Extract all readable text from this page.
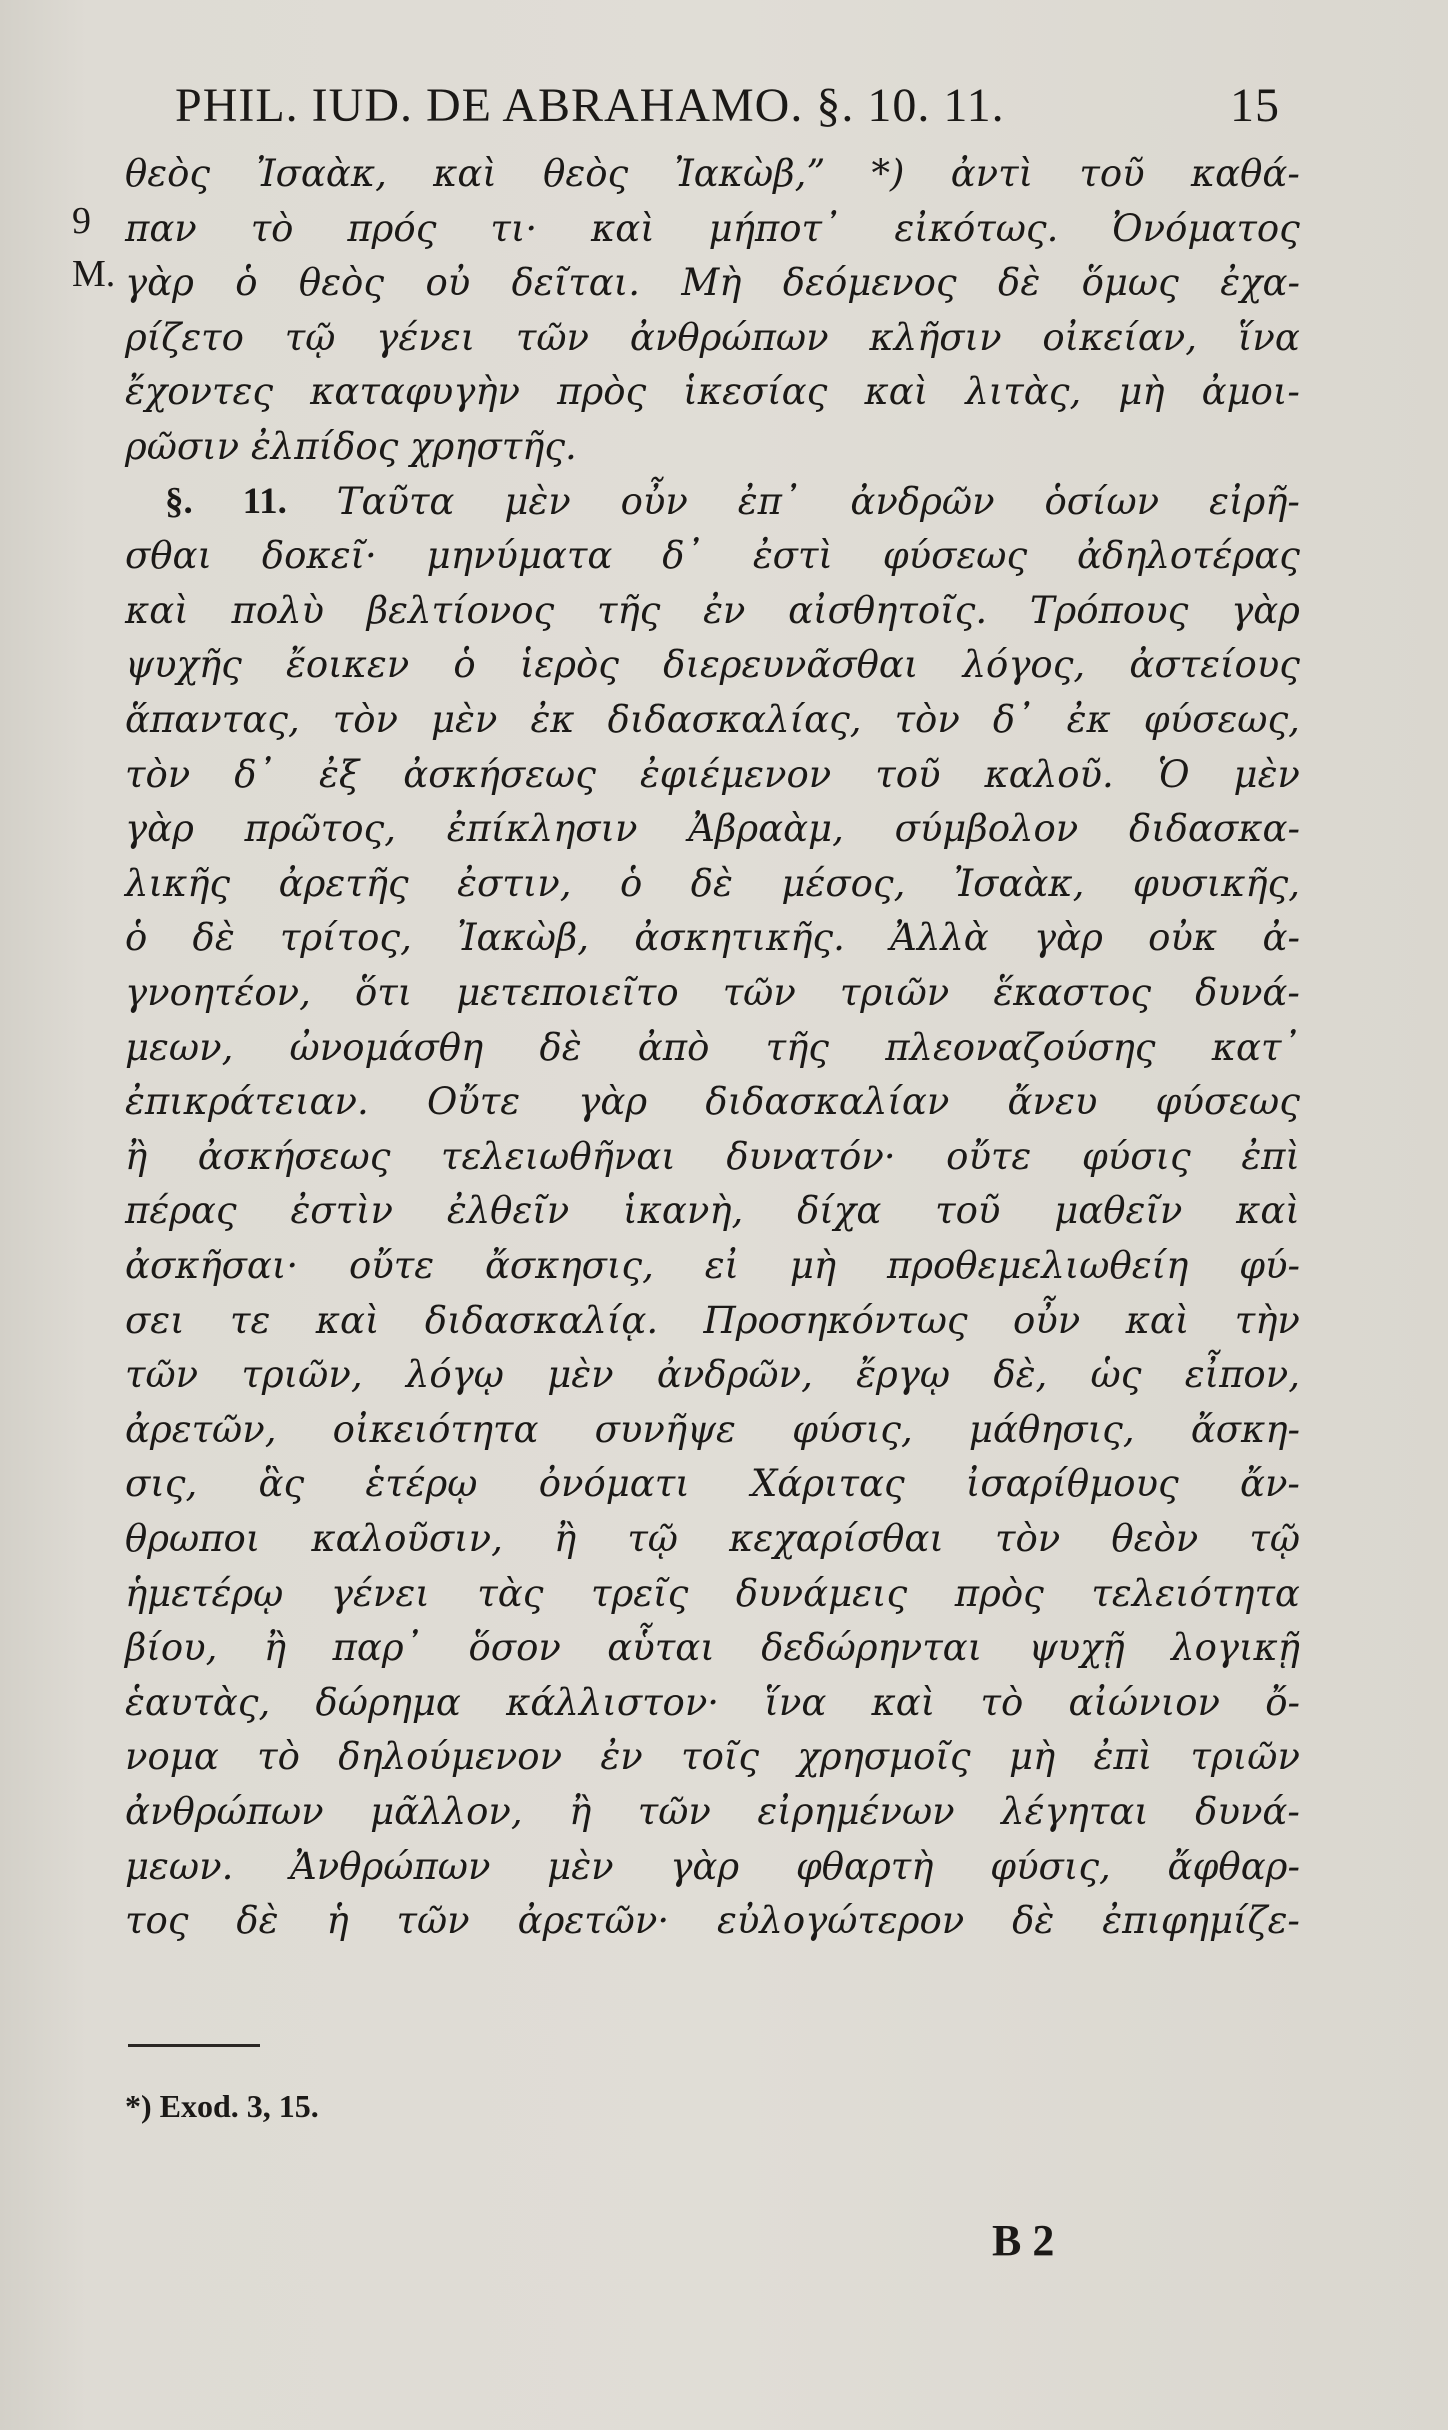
PHIL. IUD. DE ABRAHAMO. §. 10. 11.	15
9
M.
θεὸς Ἰσαὰκ, καὶ θεὸς Ἰακὼβ,” *) ἀντὶ τοῦ καθά-
παν τὸ πρός τι· καὶ μήποτ᾽ εἰκότως. Ὀνόματος
γὰρ ὁ θεὸς οὐ δεῖται. Μὴ δεόμενος δὲ ὅμως ἐχα-
ρίζετο τῷ γένει τῶν ἀνθρώπων κλῆσιν οἰκείαν, ἵνα
ἔχοντες καταφυγὴν πρὸς ἱκεσίας καὶ λιτὰς, μὴ ἀμοι-
ρῶσιν ἐλπίδος χρηστῆς.
§. 11. Ταῦτα μὲν οὖν ἐπ᾽ ἀνδρῶν ὁσίων εἰρῆ-
σθαι δοκεῖ· μηνύματα δ᾽ ἐστὶ φύσεως ἀδηλοτέρας
καὶ πολὺ βελτίονος τῆς ἐν αἰσθητοῖς. Τρόπους γὰρ
ψυχῆς ἔοικεν ὁ ἱερὸς διερευνᾶσθαι λόγος, ἀστείους
ἅπαντας, τὸν μὲν ἐκ διδασκαλίας, τὸν δ᾽ ἐκ φύσεως,
τὸν δ᾽ ἐξ ἀσκήσεως ἐφιέμενον τοῦ καλοῦ. Ὁ μὲν
γὰρ πρῶτος, ἐπίκλησιν Ἀβραὰμ, σύμβολον διδασκα-
λικῆς ἀρετῆς ἐστιν, ὁ δὲ μέσος, Ἰσαὰκ, φυσικῆς,
ὁ δὲ τρίτος, Ἰακὼβ, ἀσκητικῆς. Ἀλλὰ γὰρ οὐκ ἀ-
γνοητέον, ὅτι μετεποιεῖτο τῶν τριῶν ἕκαστος δυνά-
μεων, ὠνομάσθη δὲ ἀπὸ τῆς πλεοναζούσης κατ᾽
ἐπικράτειαν. Οὔτε γὰρ διδασκαλίαν ἄνευ φύσεως
ἢ ἀσκήσεως τελειωθῆναι δυνατόν· οὔτε φύσις ἐπὶ
πέρας ἐστὶν ἐλθεῖν ἱκανὴ, δίχα τοῦ μαθεῖν καὶ
ἀσκῆσαι· οὔτε ἄσκησις, εἰ μὴ προθεμελιωθείη φύ-
σει τε καὶ διδασκαλίᾳ. Προσηκόντως οὖν καὶ τὴν
τῶν τριῶν, λόγῳ μὲν ἀνδρῶν, ἔργῳ δὲ, ὡς εἶπον,
ἀρετῶν, οἰκειότητα συνῆψε φύσις, μάθησις, ἄσκη-
σις, ἃς ἑτέρῳ ὀνόματι Χάριτας ἰσαρίθμους ἄν-
θρωποι καλοῦσιν, ἢ τῷ κεχαρίσθαι τὸν θεὸν τῷ
ἡμετέρῳ γένει τὰς τρεῖς δυνάμεις πρὸς τελειότητα
βίου, ἢ παρ᾽ ὅσον αὗται δεδώρηνται ψυχῇ λογικῇ
ἑαυτὰς, δώρημα κάλλιστον· ἵνα καὶ τὸ αἰώνιον ὄ-
νομα τὸ δηλούμενον ἐν τοῖς χρησμοῖς μὴ ἐπὶ τριῶν
ἀνθρώπων μᾶλλον, ἢ τῶν εἰρημένων λέγηται δυνά-
μεων. Ἀνθρώπων μὲν γὰρ φθαρτὴ φύσις, ἄφθαρ-
τος δὲ ἡ τῶν ἀρετῶν· εὐλογώτερον δὲ ἐπιφημίζε-
*) Exod. 3, 15.
B 2
